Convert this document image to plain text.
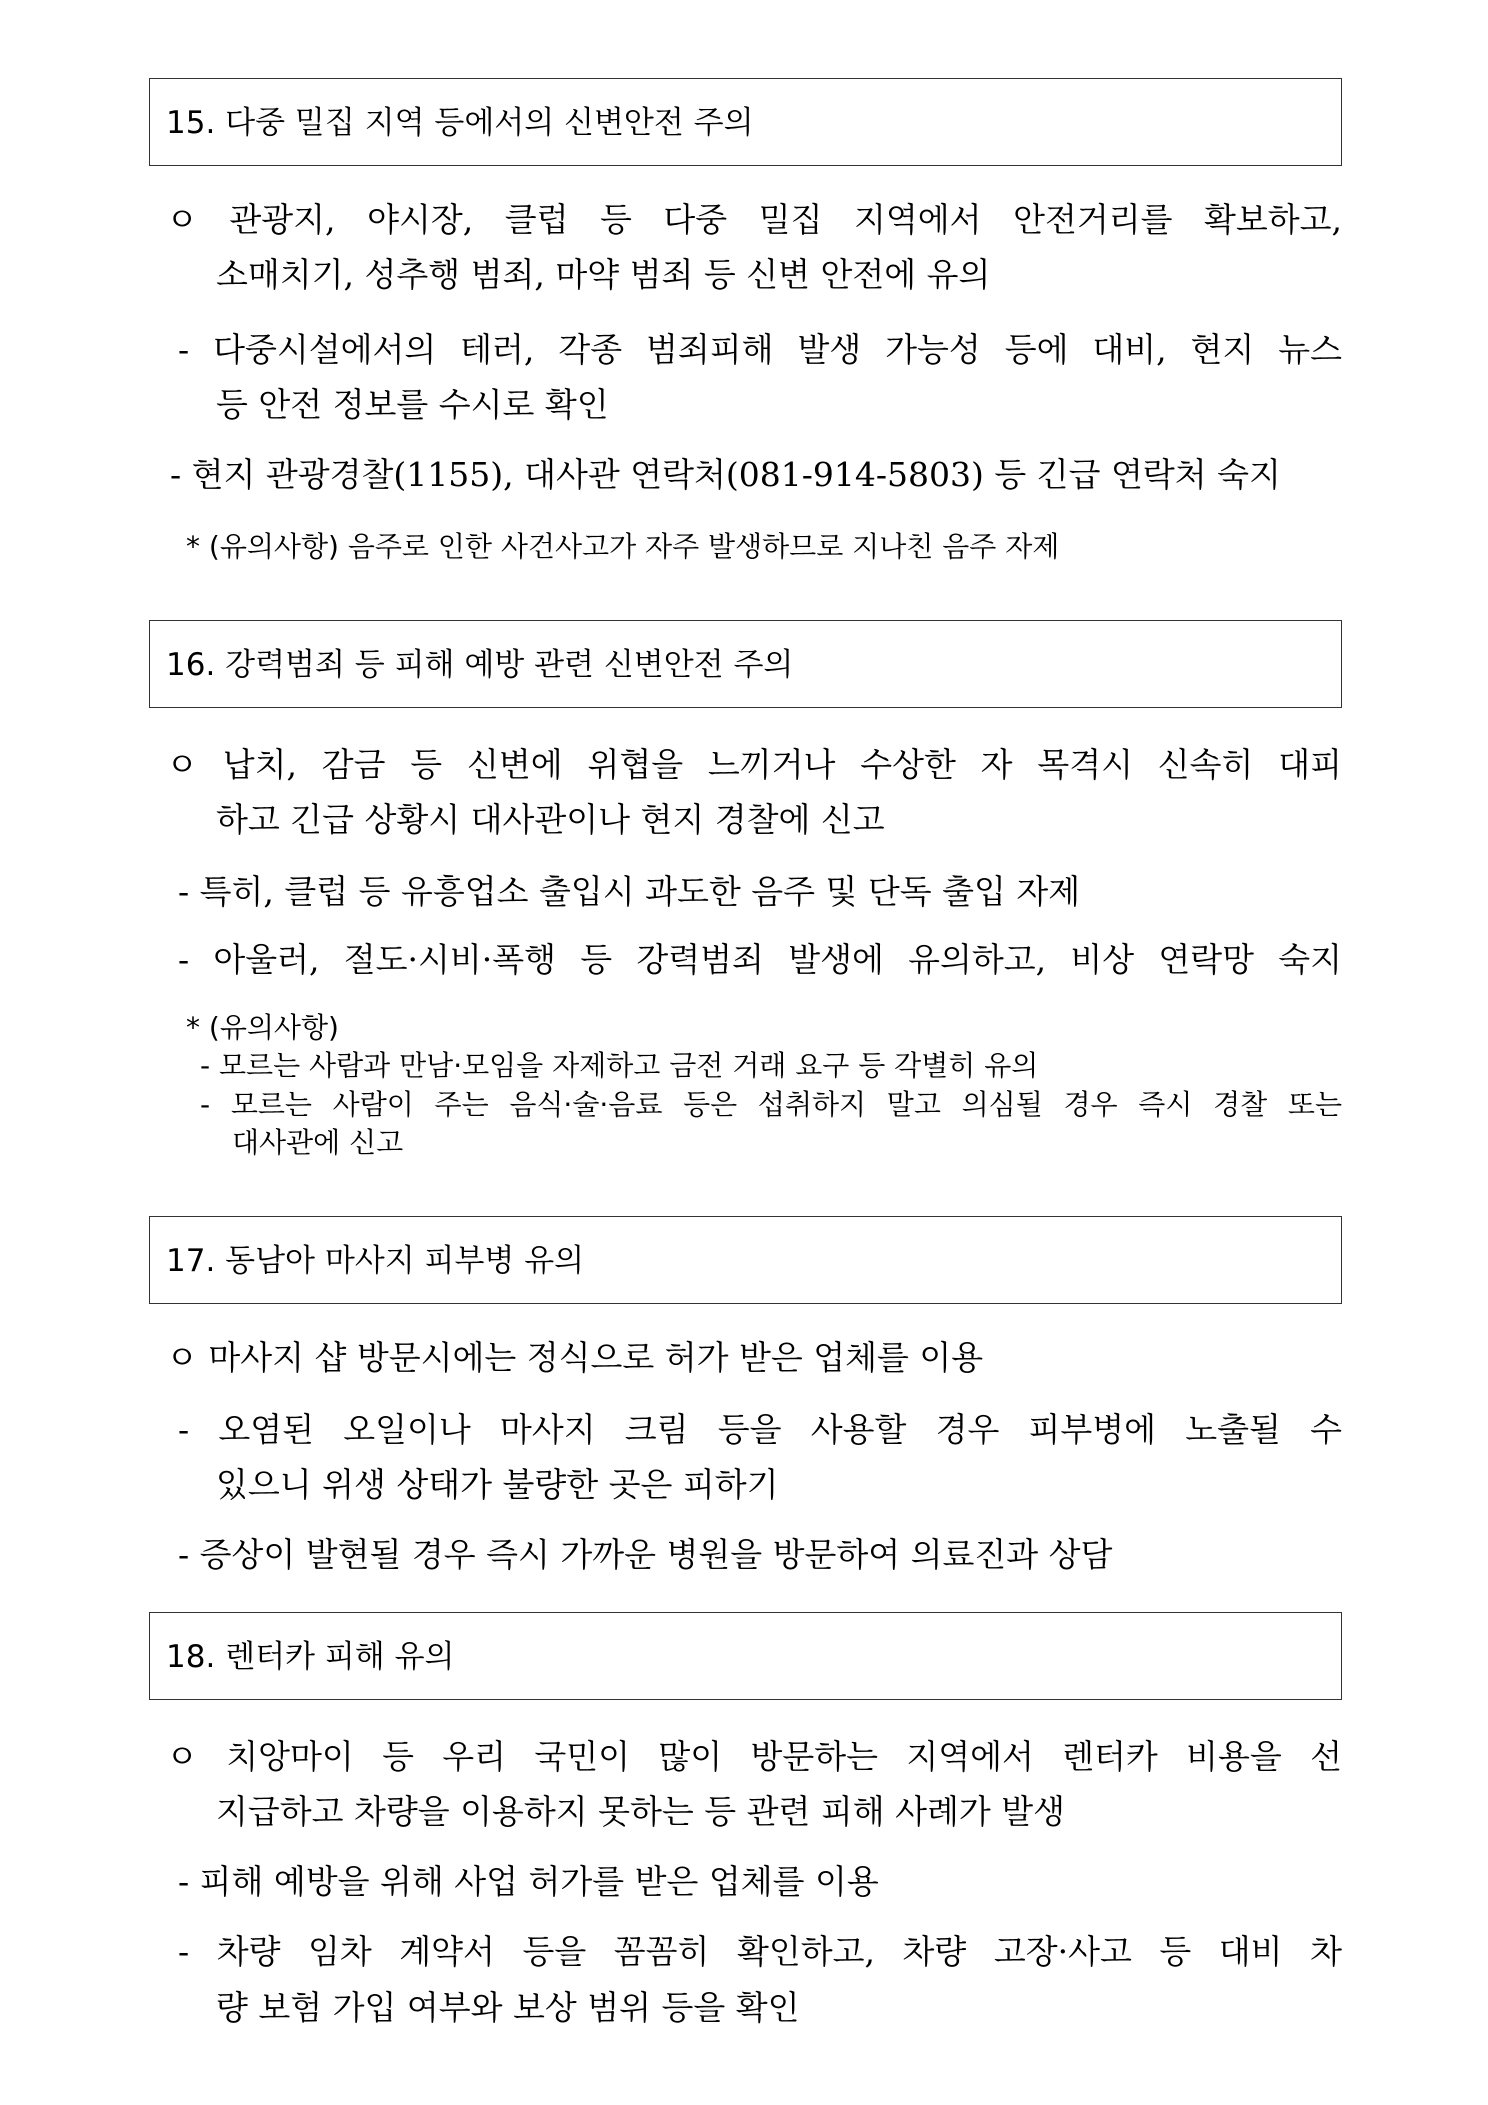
15. 다중 밀집 지역 등에서의 신변안전 주의
ㅇ 관광지, 야시장, 클럽 등 다중 밀집 지역에서 안전거리를 확보하고,
소매치기, 성추행 범죄, 마약 범죄 등 신변 안전에 유의
- 다중시설에서의 테러, 각종 범죄피해 발생 가능성 등에 대비, 현지 뉴스
등 안전 정보를 수시로 확인
- 현지 관광경찰(1155), 대사관 연락처(081-914-5803) 등 긴급 연락처 숙지
* (유의사항) 음주로 인한 사건사고가 자주 발생하므로 지나친 음주 자제
16. 강력범죄 등 피해 예방 관련 신변안전 주의
ㅇ 납치, 감금 등 신변에 위협을 느끼거나 수상한 자 목격시 신속히 대피
하고 긴급 상황시 대사관이나 현지 경찰에 신고
- 특히, 클럽 등 유흥업소 출입시 과도한 음주 및 단독 출입 자제
- 아울러, 절도·시비·폭행 등 강력범죄 발생에 유의하고, 비상 연락망 숙지
* (유의사항)
- 모르는 사람과 만남·모임을 자제하고 금전 거래 요구 등 각별히 유의
- 모르는 사람이 주는 음식·술·음료 등은 섭취하지 말고 의심될 경우 즉시 경찰 또는
대사관에 신고
17. 동남아 마사지 피부병 유의
ㅇ 마사지 샵 방문시에는 정식으로 허가 받은 업체를 이용
- 오염된 오일이나 마사지 크림 등을 사용할 경우 피부병에 노출될 수
있으니 위생 상태가 불량한 곳은 피하기
- 증상이 발현될 경우 즉시 가까운 병원을 방문하여 의료진과 상담
18. 렌터카 피해 유의
ㅇ 치앙마이 등 우리 국민이 많이 방문하는 지역에서 렌터카 비용을 선
지급하고 차량을 이용하지 못하는 등 관련 피해 사례가 발생
- 피해 예방을 위해 사업 허가를 받은 업체를 이용
- 차량 임차 계약서 등을 꼼꼼히 확인하고, 차량 고장·사고 등 대비 차
량 보험 가입 여부와 보상 범위 등을 확인
